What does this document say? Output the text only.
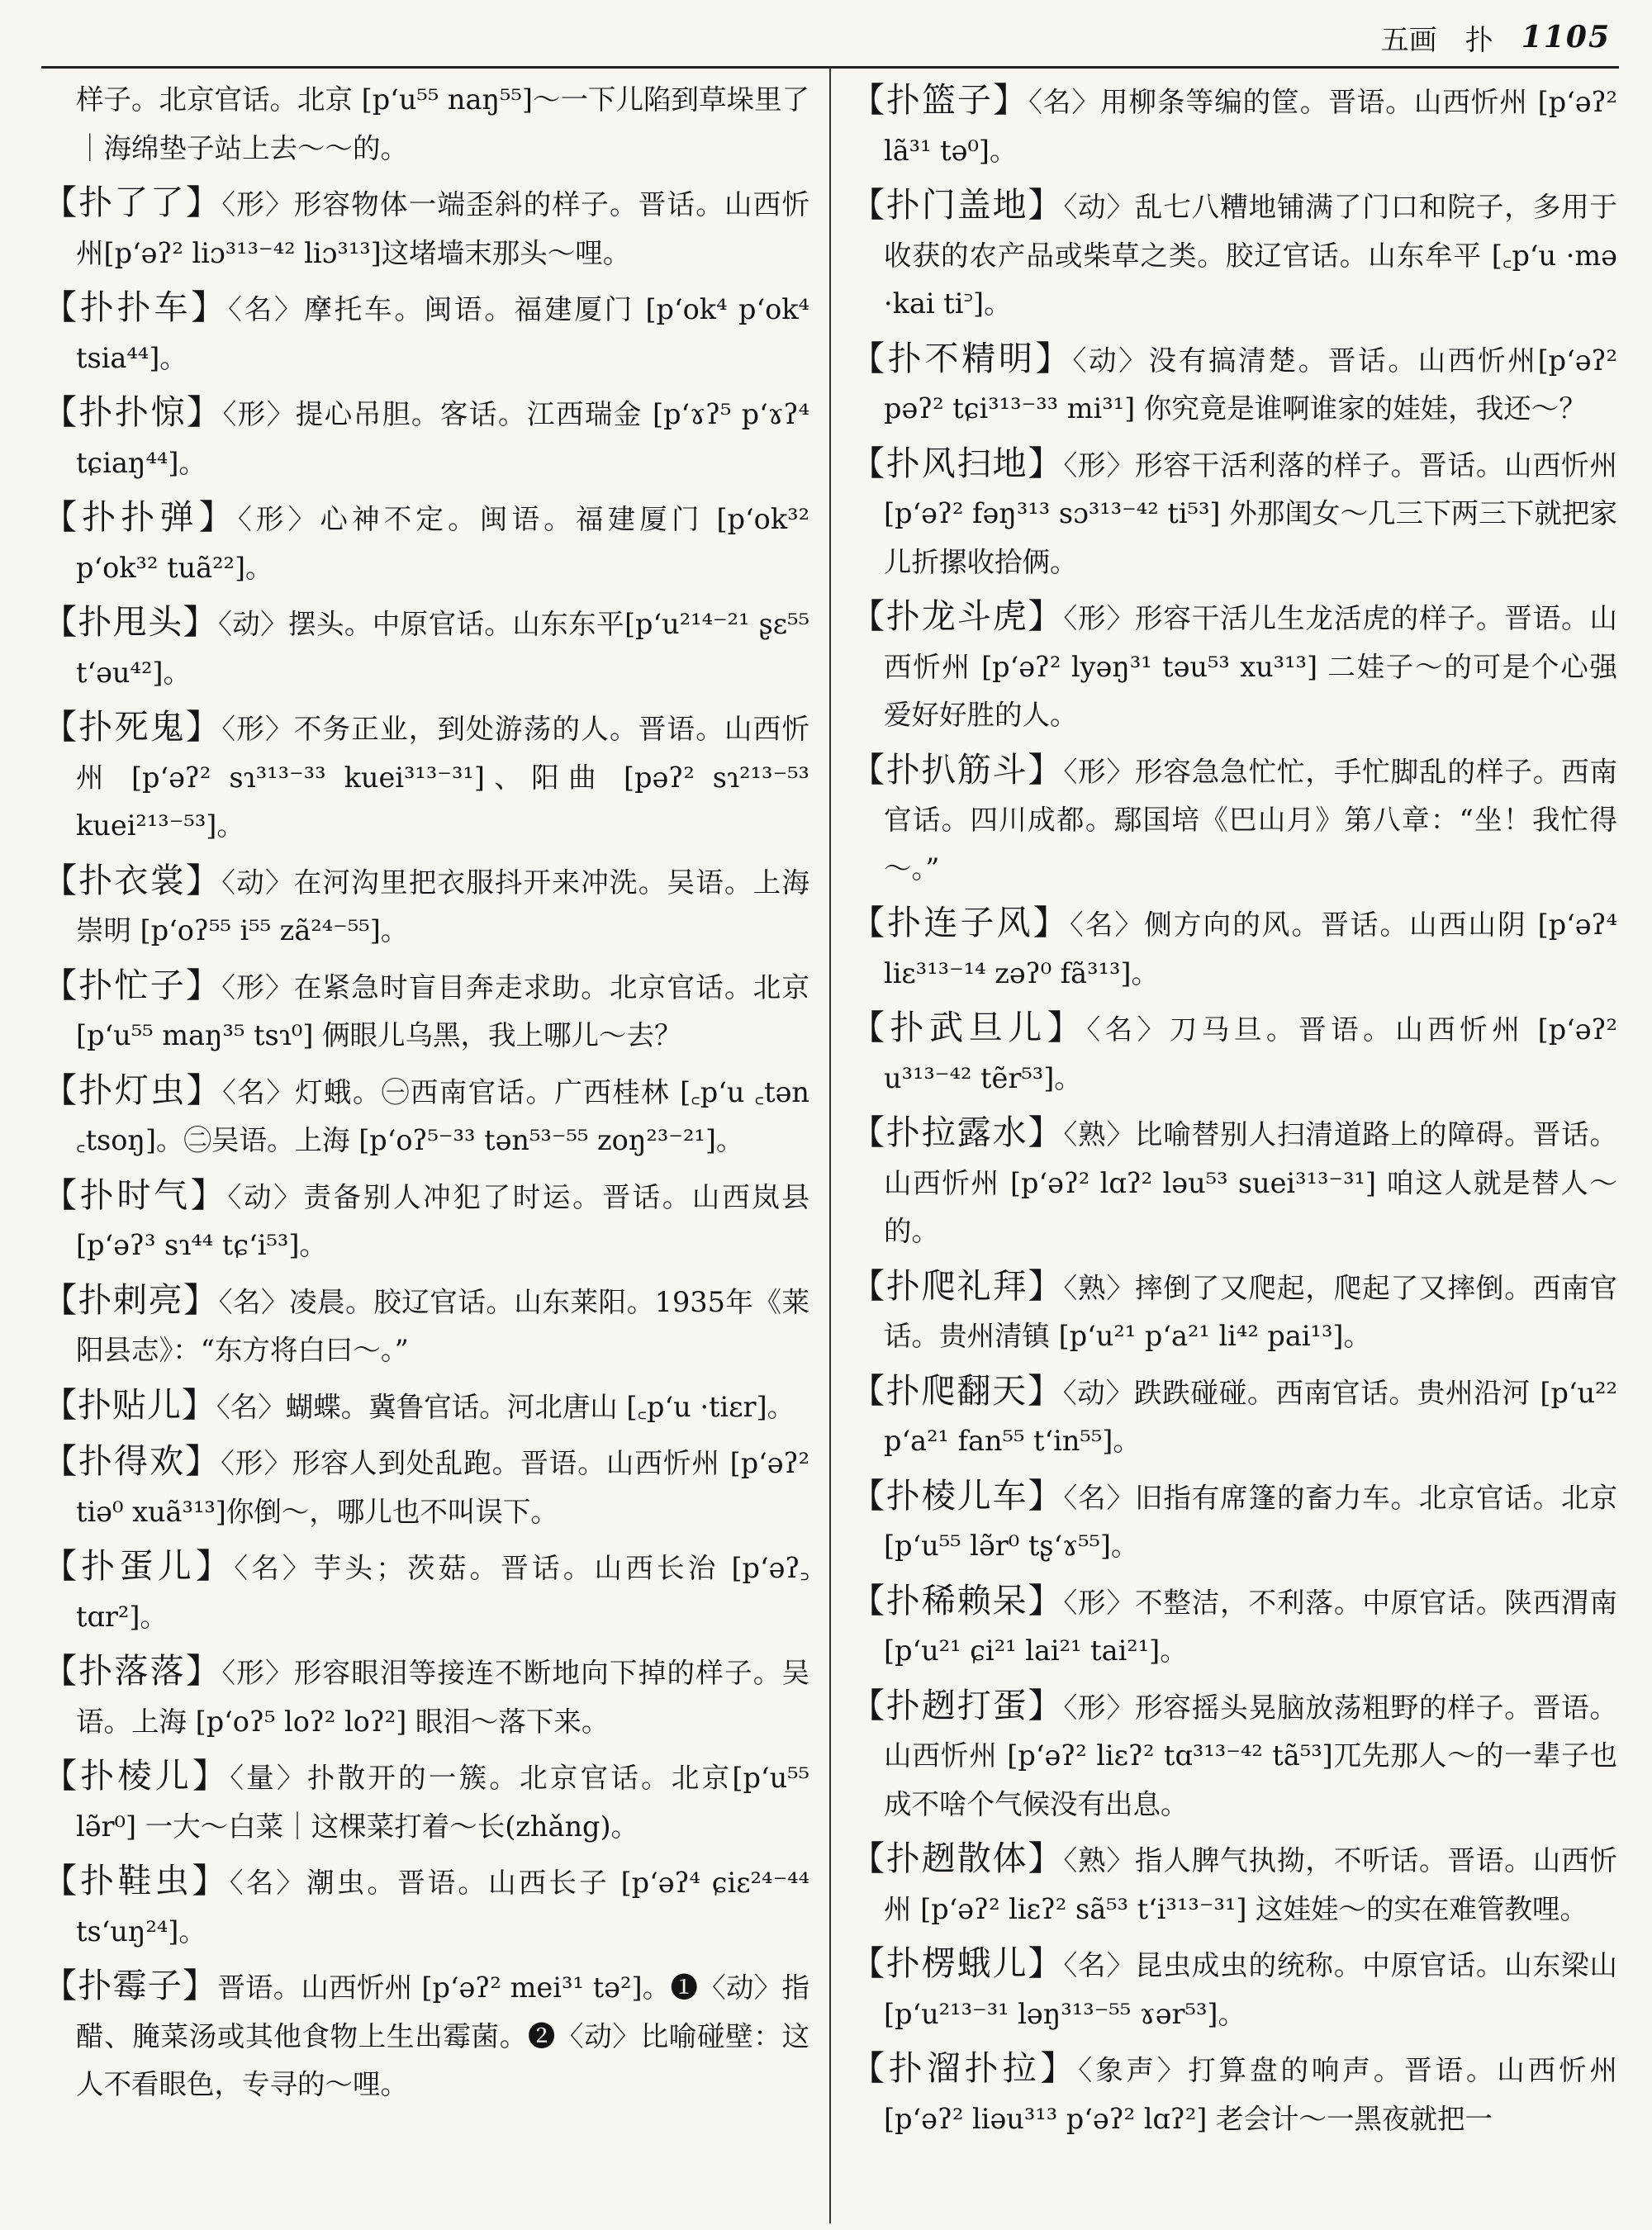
五画 扑 1105

样子。北京官话。北京 [pʻu⁵⁵ naŋ⁵⁵]～一下儿陷到草垛里了｜海绵垫子站上去～～的。

【扑了了】〈形〉形容物体一端歪斜的样子。晋话。山西忻州[pʻəʔ² liɔ³¹³⁻⁴² liɔ³¹³]这堵墙末那头～哩。

【扑扑车】〈名〉摩托车。闽语。福建厦门 [pʻok⁴ pʻok⁴ tsia⁴⁴]。

【扑扑惊】〈形〉提心吊胆。客话。江西瑞金 [pʻɤʔ⁵ pʻɤʔ⁴ tɕiaŋ⁴⁴]。

【扑扑弹】〈形〉心神不定。闽语。福建厦门 [pʻok³² pʻok³² tuã²²]。

【扑甩头】〈动〉摆头。中原官话。山东东平[pʻu²¹⁴⁻²¹ ʂɛ⁵⁵ tʻəu⁴²]。

【扑死鬼】〈形〉不务正业，到处游荡的人。晋语。山西忻州 [pʻəʔ² sɿ³¹³⁻³³ kuei³¹³⁻³¹]、阳曲 [pəʔ² sɿ²¹³⁻⁵³ kuei²¹³⁻⁵³]。

【扑衣裳】〈动〉在河沟里把衣服抖开来冲洗。吴语。上海崇明 [pʻoʔ⁵⁵ i⁵⁵ zã²⁴⁻⁵⁵]。

【扑忙子】〈形〉在紧急时盲目奔走求助。北京官话。北京 [pʻu⁵⁵ maŋ³⁵ tsɿ⁰] 俩眼儿乌黑，我上哪儿～去？

【扑灯虫】〈名〉灯蛾。㊀西南官话。广西桂林 [꜀pʻu ꜀tən ꜀tsoŋ]。㊁吴语。上海 [pʻoʔ⁵⁻³³ tən⁵³⁻⁵⁵ zoŋ²³⁻²¹]。

【扑时气】〈动〉责备别人冲犯了时运。晋话。山西岚县 [pʻəʔ³ sɿ⁴⁴ tɕʻi⁵³]。

【扑剌亮】〈名〉凌晨。胶辽官话。山东莱阳。1935年《莱阳县志》：“东方将白曰～。”

【扑贴儿】〈名〉蝴蝶。冀鲁官话。河北唐山 [꜀pʻu ·tiɛr]。

【扑得欢】〈形〉形容人到处乱跑。晋语。山西忻州 [pʻəʔ² tiə⁰ xuã³¹³]你倒～，哪儿也不叫误下。

【扑蛋儿】〈名〉芋头；茨菇。晋话。山西长治 [pʻəʔ꜆ tɑr²]。

【扑落落】〈形〉形容眼泪等接连不断地向下掉的样子。吴语。上海 [pʻoʔ⁵ loʔ² loʔ²] 眼泪～落下来。

【扑棱儿】〈量〉扑散开的一簇。北京官话。北京[pʻu⁵⁵ lə̃r⁰] 一大～白菜｜这棵菜打着～长(zhǎng)。

【扑鞋虫】〈名〉潮虫。晋语。山西长子 [pʻəʔ⁴ ɕiɛ²⁴⁻⁴⁴ tsʻuŋ²⁴]。

【扑霉子】晋语。山西忻州 [pʻəʔ² mei³¹ tə²]。❶〈动〉指醋、腌菜汤或其他食物上生出霉菌。❷〈动〉比喻碰壁：这人不看眼色，专寻的～哩。

【扑篮子】〈名〉用柳条等编的筐。晋语。山西忻州 [pʻəʔ² lã³¹ tə⁰]。

【扑门盖地】〈动〉乱七八糟地铺满了门口和院子，多用于收获的农产品或柴草之类。胶辽官话。山东牟平 [꜀pʻu ·mə ·kai ti꜄]。

【扑不精明】〈动〉没有搞清楚。晋话。山西忻州[pʻəʔ² pəʔ² tɕi³¹³⁻³³ mi³¹] 你究竟是谁啊谁家的娃娃，我还～？

【扑风扫地】〈形〉形容干活利落的样子。晋话。山西忻州 [pʻəʔ² fəŋ³¹³ sɔ³¹³⁻⁴² ti⁵³] 外那闺女～几三下两三下就把家儿折摞收拾俩。

【扑龙斗虎】〈形〉形容干活儿生龙活虎的样子。晋语。山西忻州 [pʻəʔ² lyəŋ³¹ təu⁵³ xu³¹³] 二娃子～的可是个心强爱好好胜的人。

【扑扒筋斗】〈形〉形容急急忙忙，手忙脚乱的样子。西南官话。四川成都。鄢国培《巴山月》第八章：“坐！我忙得～。”

【扑连子风】〈名〉侧方向的风。晋话。山西山阴 [pʻəʔ⁴ liɛ³¹³⁻¹⁴ zəʔ⁰ fã³¹³]。

【扑武旦儿】〈名〉刀马旦。晋语。山西忻州 [pʻəʔ² u³¹³⁻⁴² tẽr⁵³]。

【扑拉露水】〈熟〉比喻替别人扫清道路上的障碍。晋话。山西忻州 [pʻəʔ² lɑʔ² ləu⁵³ suei³¹³⁻³¹] 咱这人就是替人～的。

【扑爬礼拜】〈熟〉摔倒了又爬起，爬起了又摔倒。西南官话。贵州清镇 [pʻu²¹ pʻa²¹ li⁴² pai¹³]。

【扑爬翻天】〈动〉跌跌碰碰。西南官话。贵州沿河 [pʻu²² pʻa²¹ fan⁵⁵ tʻin⁵⁵]。

【扑棱儿车】〈名〉旧指有席篷的畜力车。北京官话。北京 [pʻu⁵⁵ lə̃r⁰ tʂʻɤ⁵⁵]。

【扑稀赖呆】〈形〉不整洁，不利落。中原官话。陕西渭南 [pʻu²¹ ɕi²¹ lai²¹ tai²¹]。

【扑趔打蛋】〈形〉形容摇头晃脑放荡粗野的样子。晋语。山西忻州 [pʻəʔ² liɛʔ² tɑ³¹³⁻⁴² tã⁵³]兀先那人～的一辈子也成不啥个气候没有出息。

【扑趔散体】〈熟〉指人脾气执拗，不听话。晋语。山西忻州 [pʻəʔ² liɛʔ² sã⁵³ tʻi³¹³⁻³¹] 这娃娃～的实在难管教哩。

【扑楞蛾儿】〈名〉昆虫成虫的统称。中原官话。山东梁山 [pʻu²¹³⁻³¹ ləŋ³¹³⁻⁵⁵ ɤər⁵³]。

【扑溜扑拉】〈象声〉打算盘的响声。晋语。山西忻州 [pʻəʔ² liəu³¹³ pʻəʔ² lɑʔ²] 老会计～一黑夜就把一
